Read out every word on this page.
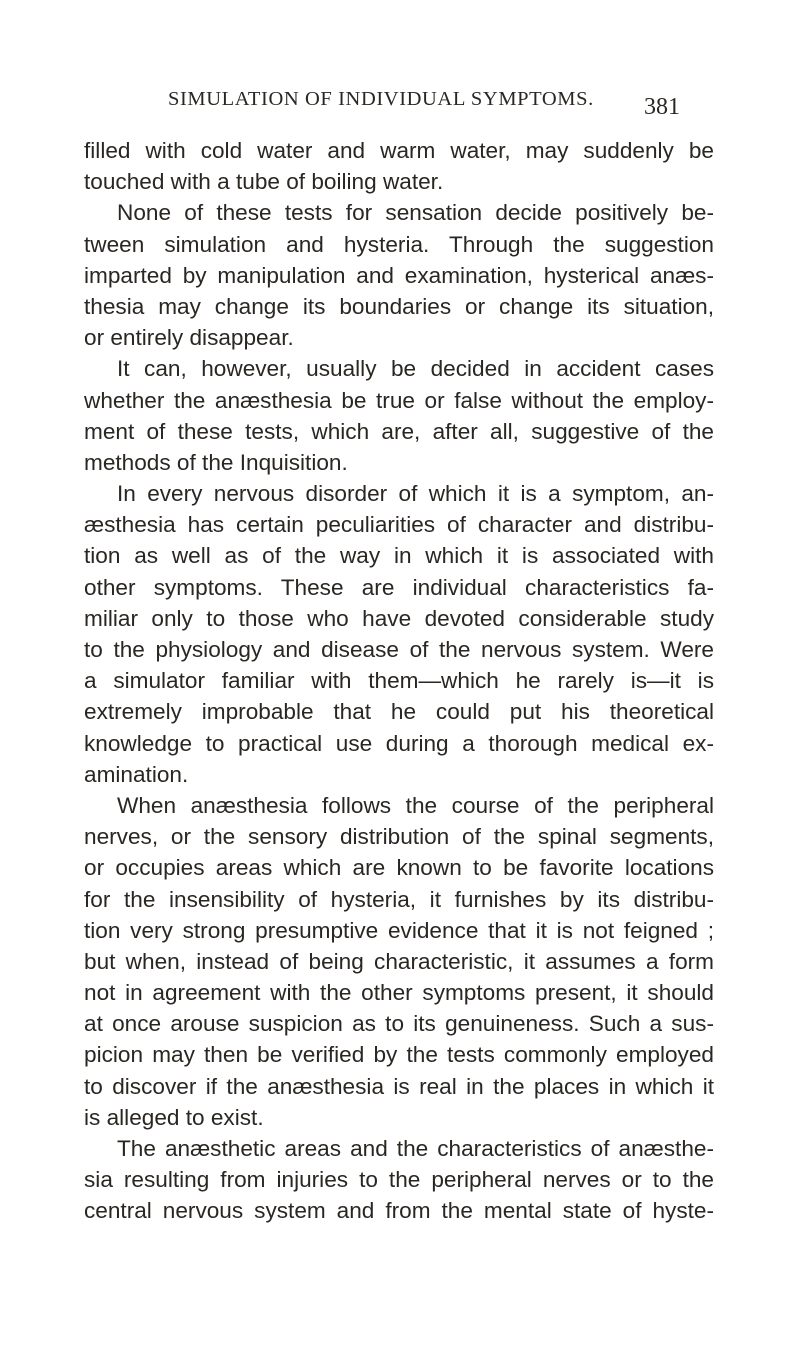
SIMULATION OF INDIVIDUAL SYMPTOMS. 381
filled with cold water and warm water, may suddenly be
touched with a tube of boiling water.
None of these tests for sensation decide positively be-
tween simulation and hysteria. Through the suggestion
imparted by manipulation and examination, hysterical anæs-
thesia may change its boundaries or change its situation,
or entirely disappear.
It can, however, usually be decided in accident cases
whether the anæsthesia be true or false without the employ-
ment of these tests, which are, after all, suggestive of the
methods of the Inquisition.
In every nervous disorder of which it is a symptom, an-
æsthesia has certain peculiarities of character and distribu-
tion as well as of the way in which it is associated with
other symptoms. These are individual characteristics fa-
miliar only to those who have devoted considerable study
to the physiology and disease of the nervous system. Were
a simulator familiar with them—which he rarely is—it is
extremely improbable that he could put his theoretical
knowledge to practical use during a thorough medical ex-
amination.
When anæsthesia follows the course of the peripheral
nerves, or the sensory distribution of the spinal segments,
or occupies areas which are known to be favorite locations
for the insensibility of hysteria, it furnishes by its distribu-
tion very strong presumptive evidence that it is not feigned ;
but when, instead of being characteristic, it assumes a form
not in agreement with the other symptoms present, it should
at once arouse suspicion as to its genuineness. Such a sus-
picion may then be verified by the tests commonly employed
to discover if the anæsthesia is real in the places in which it
is alleged to exist.
The anæsthetic areas and the characteristics of anæsthe-
sia resulting from injuries to the peripheral nerves or to the
central nervous system and from the mental state of hyste-
